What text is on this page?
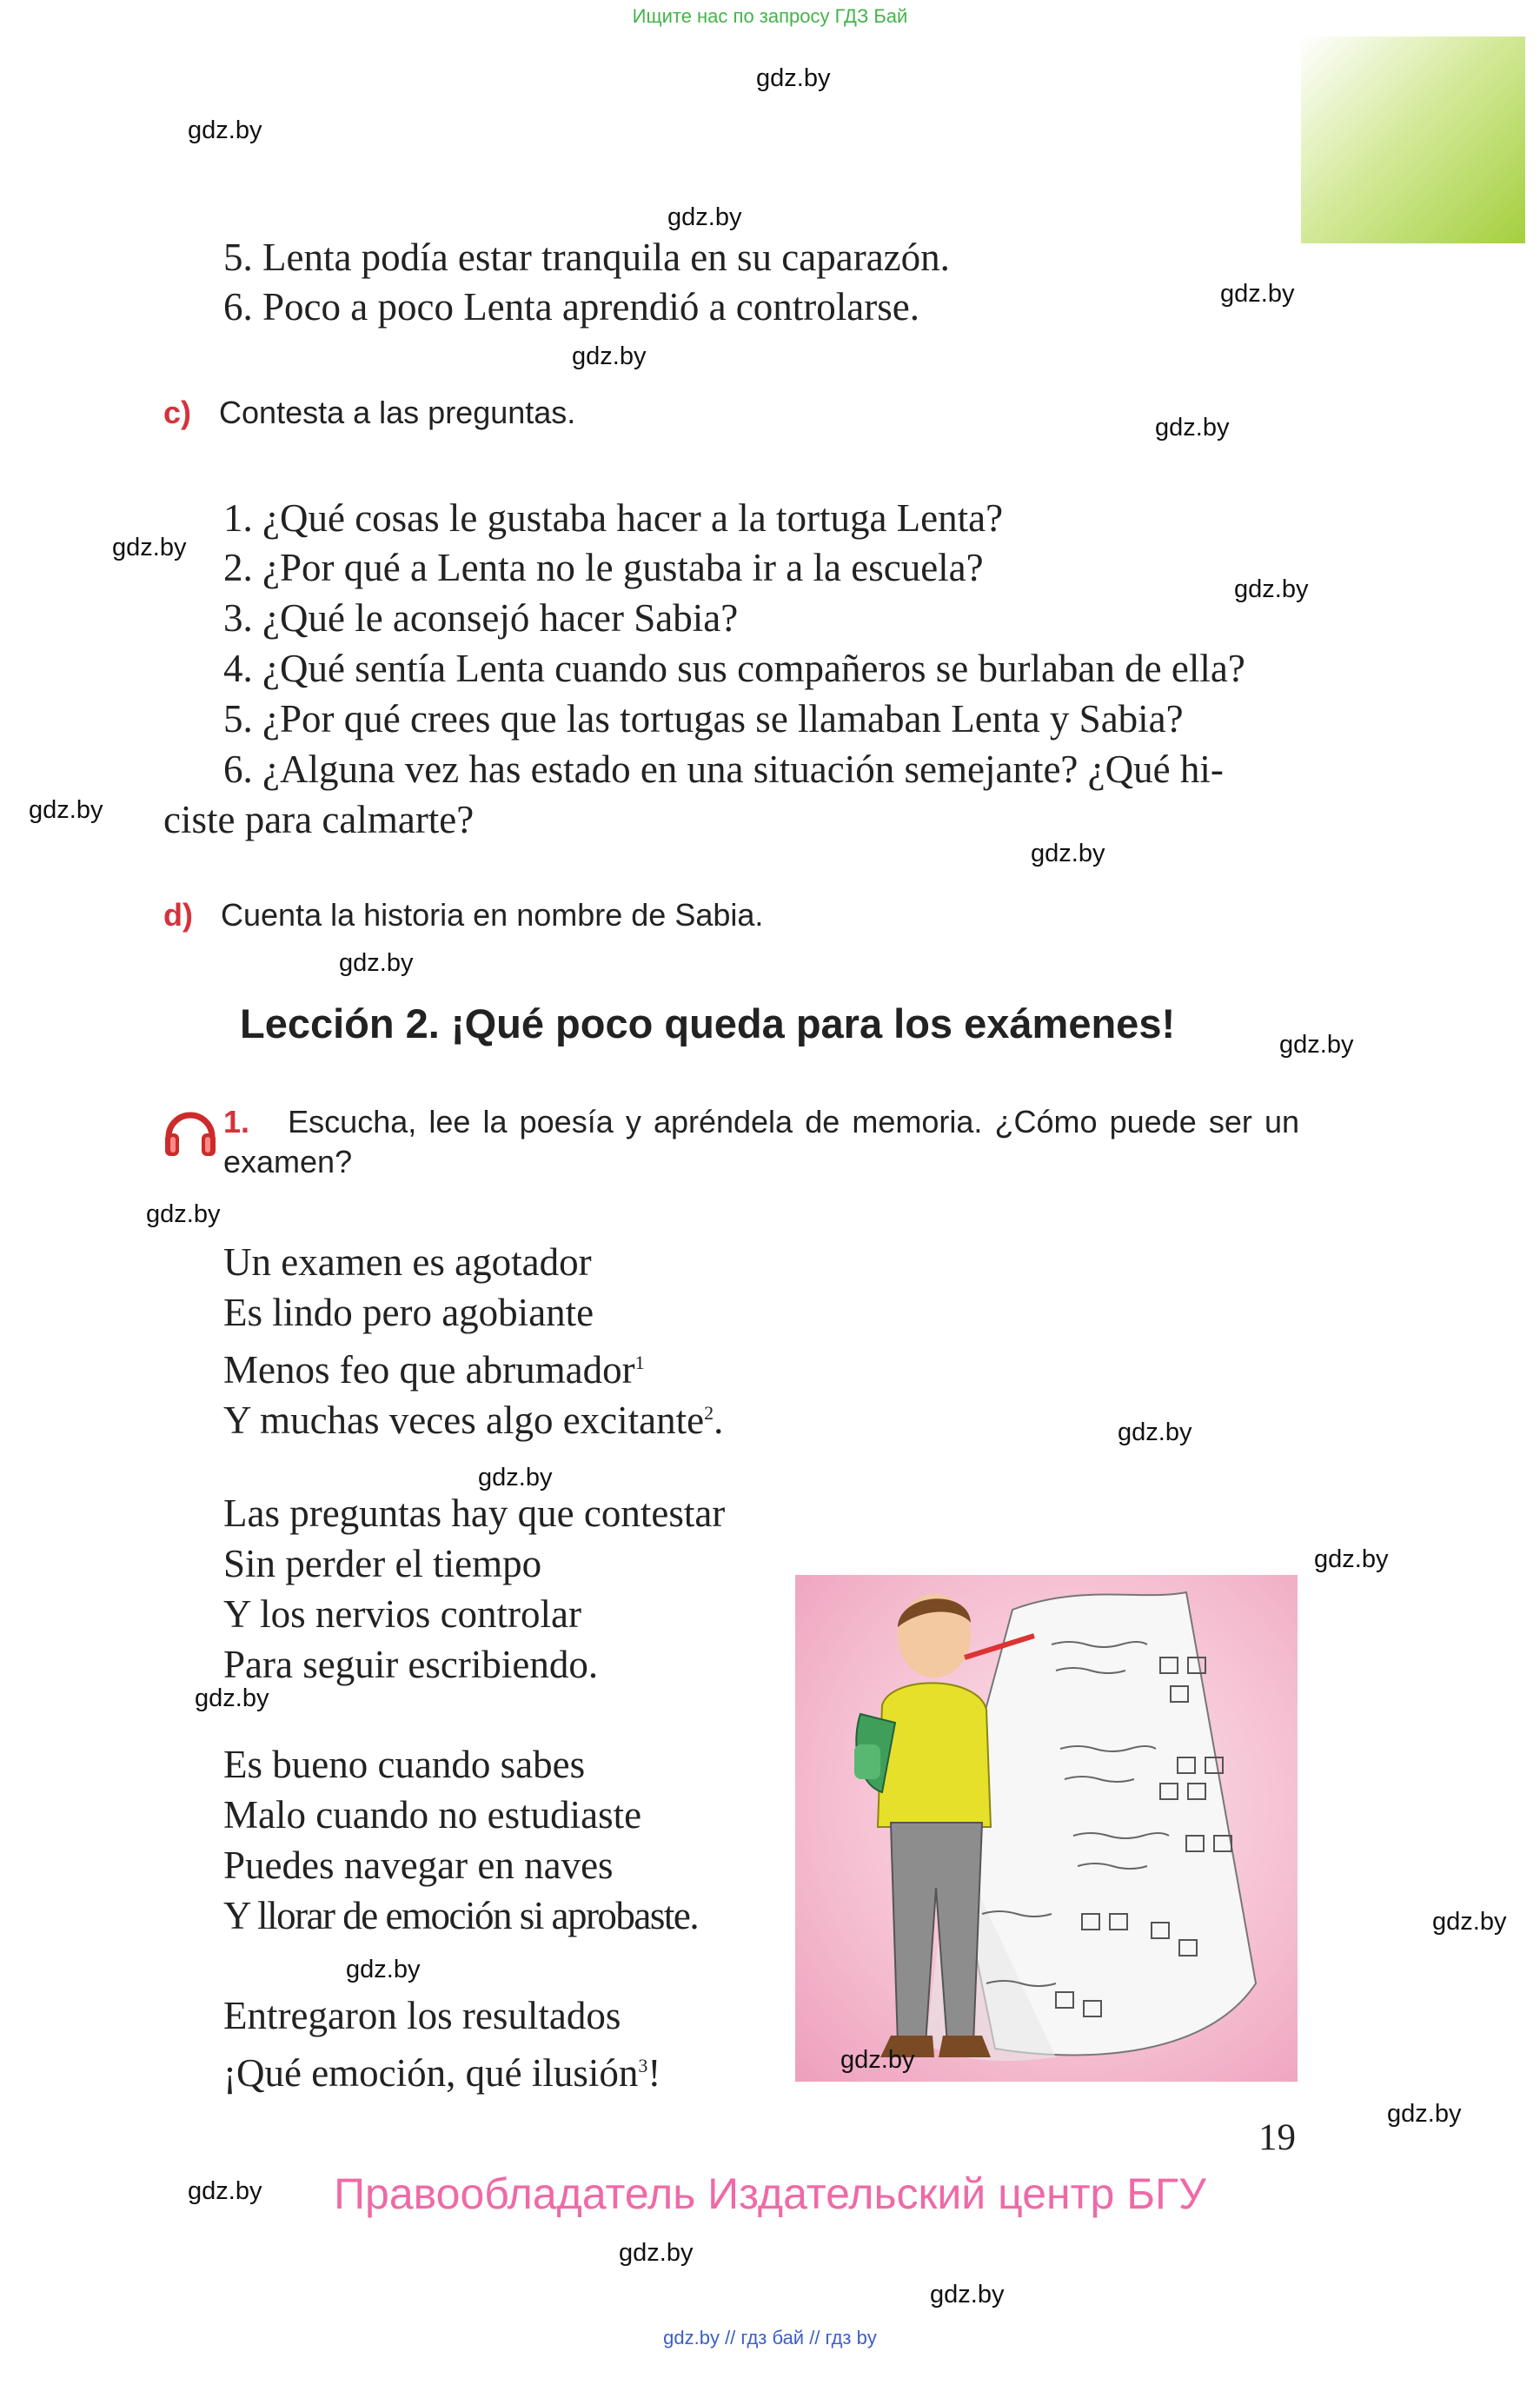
Ищите нас по запросу ГДЗ Бай
5. Lenta podía estar tranquila en su caparazón.
6. Poco a poco Lenta aprendió a controlarse.
c) Contesta a las preguntas.
1. ¿Qué cosas le gustaba hacer a la tortuga Lenta?
2. ¿Por qué a Lenta no le gustaba ir a la escuela?
3. ¿Qué le aconsejó hacer Sabia?
4. ¿Qué sentía Lenta cuando sus compañeros se burlaban de ella?
5. ¿Por qué crees que las tortugas se llamaban Lenta y Sabia?
6. ¿Alguna vez has estado en una situación semejante? ¿Qué hi-
ciste para calmarte?
d) Cuenta la historia en nombre de Sabia.
Lección 2. ¡Qué poco queda para los exámenes!
1. Escucha, lee la poesía y apréndela de memoria. ¿Cómo puede ser un examen?
Un examen es agotador
Es lindo pero agobiante
Menos feo que abrumador$^1$
Y muchas veces algo excitante$^2$.
Las preguntas hay que contestar
Sin perder el tiempo
Y los nervios controlar
Para seguir escribiendo.
Es bueno cuando sabes
Malo cuando no estudiaste
Puedes navegar en naves
Y llorar de emoción si aprobaste.
Entregaron los resultados
¡Qué emoción, qué ilusión$^3$!
19
Правообладатель Издательский центр БГУ
gdz.by // гдз бай // гдз by
gdz.by
gdz.by
gdz.by
gdz.by
gdz.by
gdz.by
gdz.by
gdz.by
gdz.by
gdz.by
gdz.by
gdz.by
gdz.by
gdz.by
gdz.by
gdz.by
gdz.by
gdz.by
gdz.by
gdz.by
gdz.by
gdz.by
gdz.by
gdz.by
